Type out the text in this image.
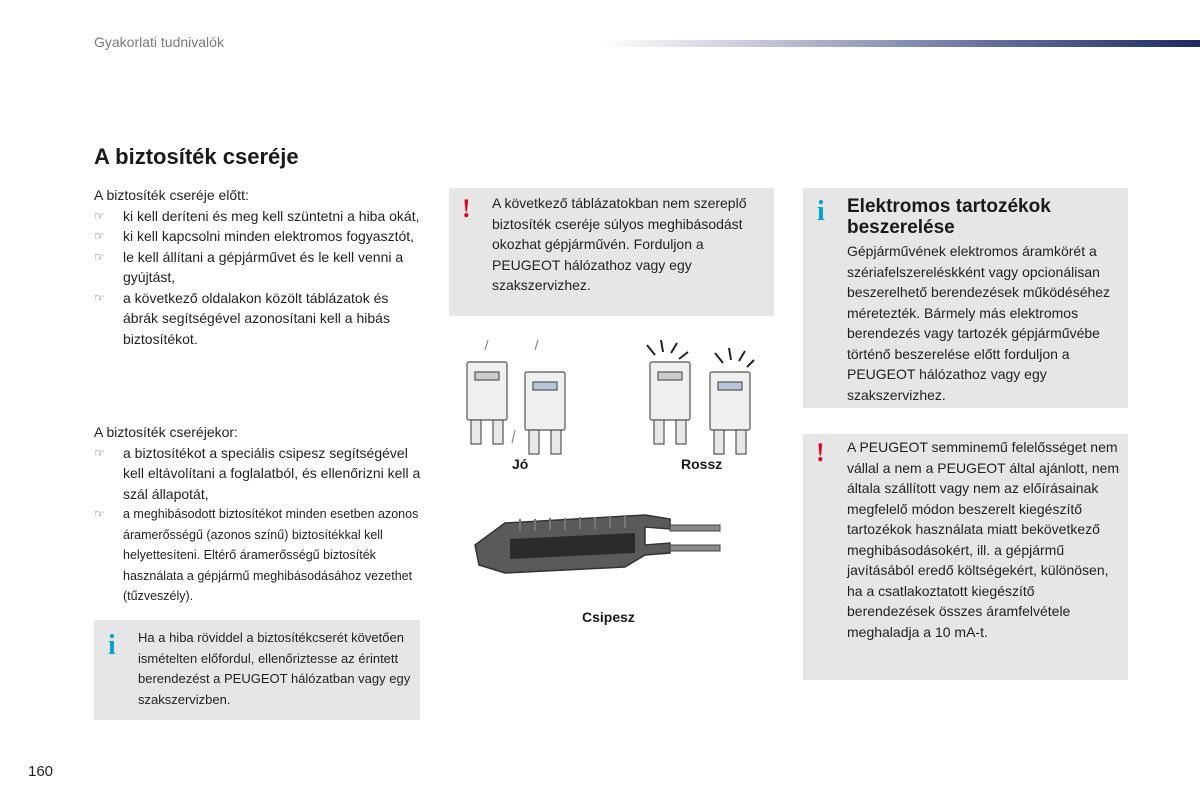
Gyakorlati tudnivalók
A biztosíték cseréje
A biztosíték cseréje előtt:
☞ ki kell deríteni és meg kell szüntetni a hiba okát,
☞ ki kell kapcsolni minden elektromos fogyasztót,
☞ le kell állítani a gépjárművet és le kell venni a gyújtást,
☞ a következő oldalakon közölt táblázatok és ábrák segítségével azonosítani kell a hibás biztosítékot.
A biztosíték cseréjekor:
☞ a biztosítékot a speciális csipesz segítségével kell eltávolítani a foglalatból, és ellenőrizni kell a szál állapotát,
☞ a meghibásodott biztosítékot minden esetben azonos áramerősségű (azonos színű) biztosítékkal kell helyettesíteni. Eltérő áramerősségű biztosíték használata a gépjármű meghibásodásához vezethet (tűzveszély).
i Ha a hiba röviddel a biztosítékcserét követően ismételten előfordul, ellenőriztesse az érintett berendezést a PEUGEOT hálózatban vagy egy szakszervizben.
! A következő táblázatokban nem szereplő biztosíték cseréje súlyos meghibásodást okozhat gépjárművén. Forduljon a PEUGEOT hálózathoz vagy egy szakszervizhez.
Jó	Rossz
Csipesz
i Elektromos tartozékok beszerelése
Gépjárművének elektromos áramkörét a szériafelszereléskként vagy opcionálisan beszerelhető berendezések működéséhez méretezték. Bármely más elektromos berendezés vagy tartozék gépjárművébe történő beszerelése előtt forduljon a PEUGEOT hálózathoz vagy egy szakszervizhez.
! A PEUGEOT semminemű felelősséget nem vállal a nem a PEUGEOT által ajánlott, nem általa szállított vagy nem az előírásainak megfelelő módon beszerelt kiegészítő tartozékok használata miatt bekövetkező meghibásodásokért, ill. a gépjármű javításából eredő költségekért, különösen, ha a csatlakoztatott kiegészítő berendezések összes áramfelvétele meghaladja a 10 mA-t.
160
